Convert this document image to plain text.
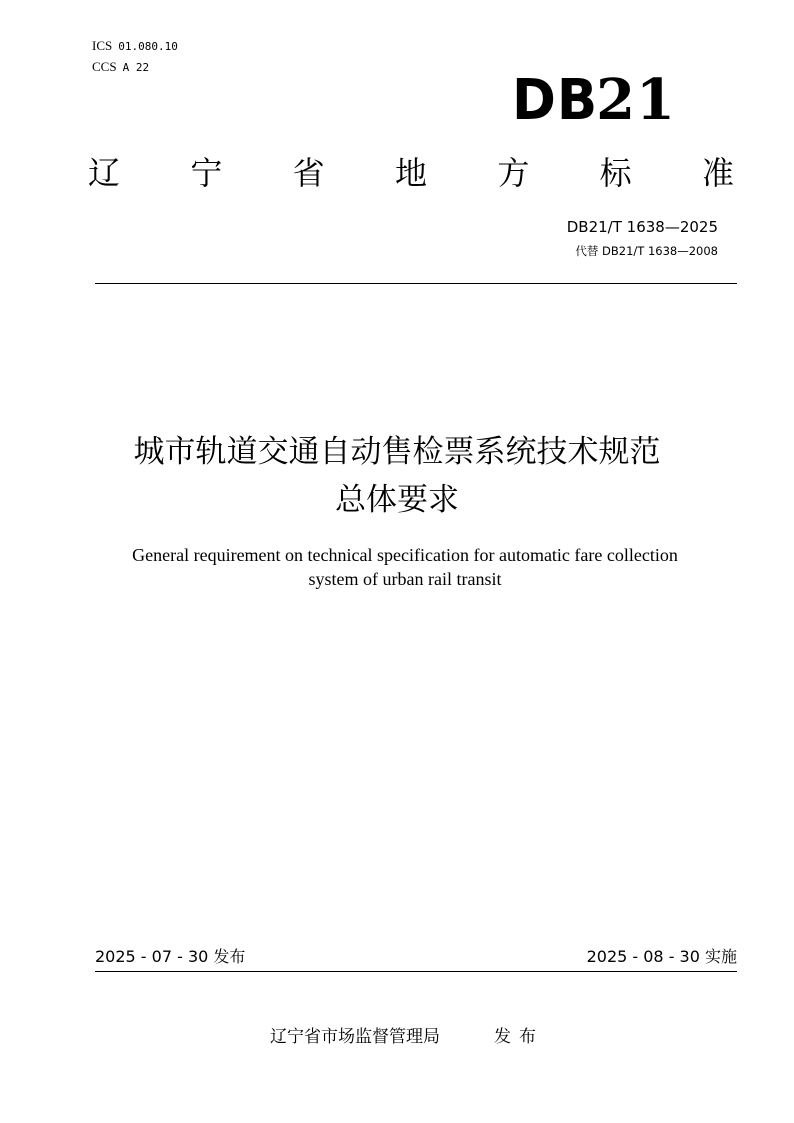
ICS 01.080.10
CCS A 22
DB21
辽 宁 省 地 方 标 准
DB21/T 1638—2025
代替 DB21/T 1638—2008
城市轨道交通自动售检票系统技术规范
总体要求
General requirement on technical specification for automatic fare collection
system of urban rail transit
2025 - 07 - 30 发布	2025 - 08 - 30 实施
辽宁省市场监督管理局	发布
